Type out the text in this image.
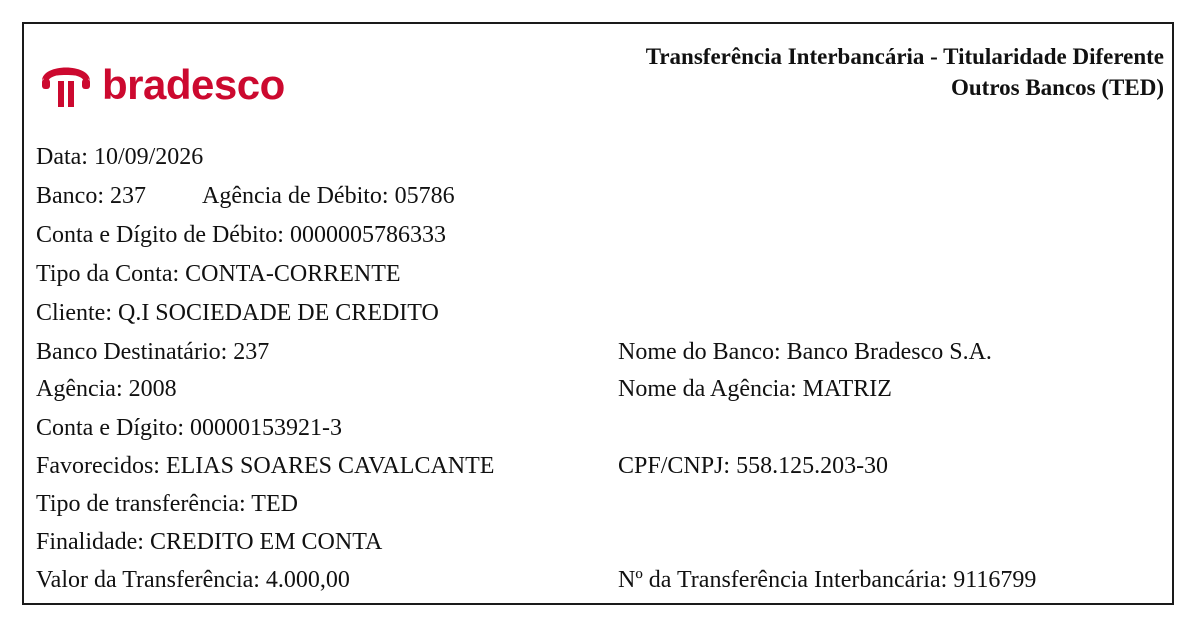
bradesco
Transferência Interbancária - Titularidade Diferente
Outros Bancos (TED)
Data: 10/09/2026
Banco: 237 Agência de Débito: 05786
Conta e Dígito de Débito: 0000005786333
Tipo da Conta: CONTA-CORRENTE
Cliente: Q.I SOCIEDADE DE CREDITO
Banco Destinatário: 237	Nome do Banco: Banco Bradesco S.A.
Agência: 2008	Nome da Agência: MATRIZ
Conta e Dígito: 00000153921-3
Favorecidos: ELIAS SOARES CAVALCANTE	CPF/CNPJ: 558.125.203-30
Tipo de transferência: TED
Finalidade: CREDITO EM CONTA
Valor da Transferência: 4.000,00	Nº da Transferência Interbancária: 9116799
